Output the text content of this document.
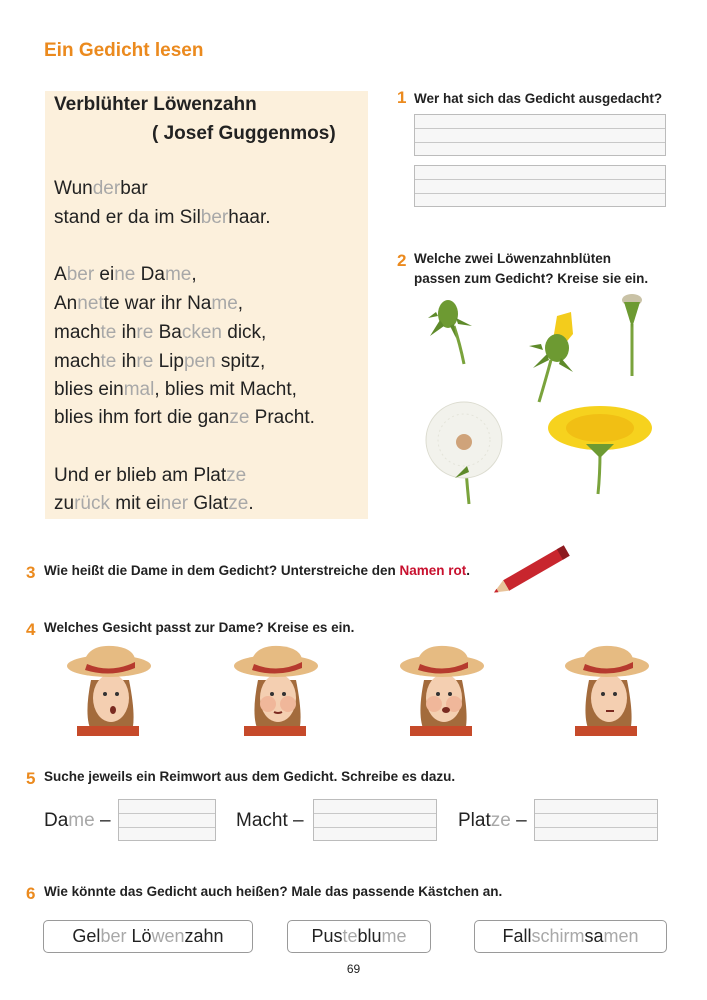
Ein Gedicht lesen
Verblühter Löwenzahn
( Josef Guggenmos)
Wunderbar
stand er da im Silberhaar.
Aber eine Dame,
Annette war ihr Name,
machte ihre Backen dick,
machte ihre Lippen spitz,
blies einmal, blies mit Macht,
blies ihm fort die ganze Pracht.
Und er blieb am Platze
zurück mit einer Glatze.
1 Wer hat sich das Gedicht ausgedacht?
2 Welche zwei Löwenzahnblüten
passen zum Gedicht? Kreise sie ein.
3 Wie heißt die Dame in dem Gedicht? Unterstreiche den Namen rot.
4 Welches Gesicht passt zur Dame? Kreise es ein.
5 Suche jeweils ein Reimwort aus dem Gedicht. Schreibe es dazu.
Dame –	Macht –	Platze –
6 Wie könnte das Gedicht auch heißen? Male das passende Kästchen an.
Gelber Löwenzahn	Pusteblume	Fallschirmsamen
69
